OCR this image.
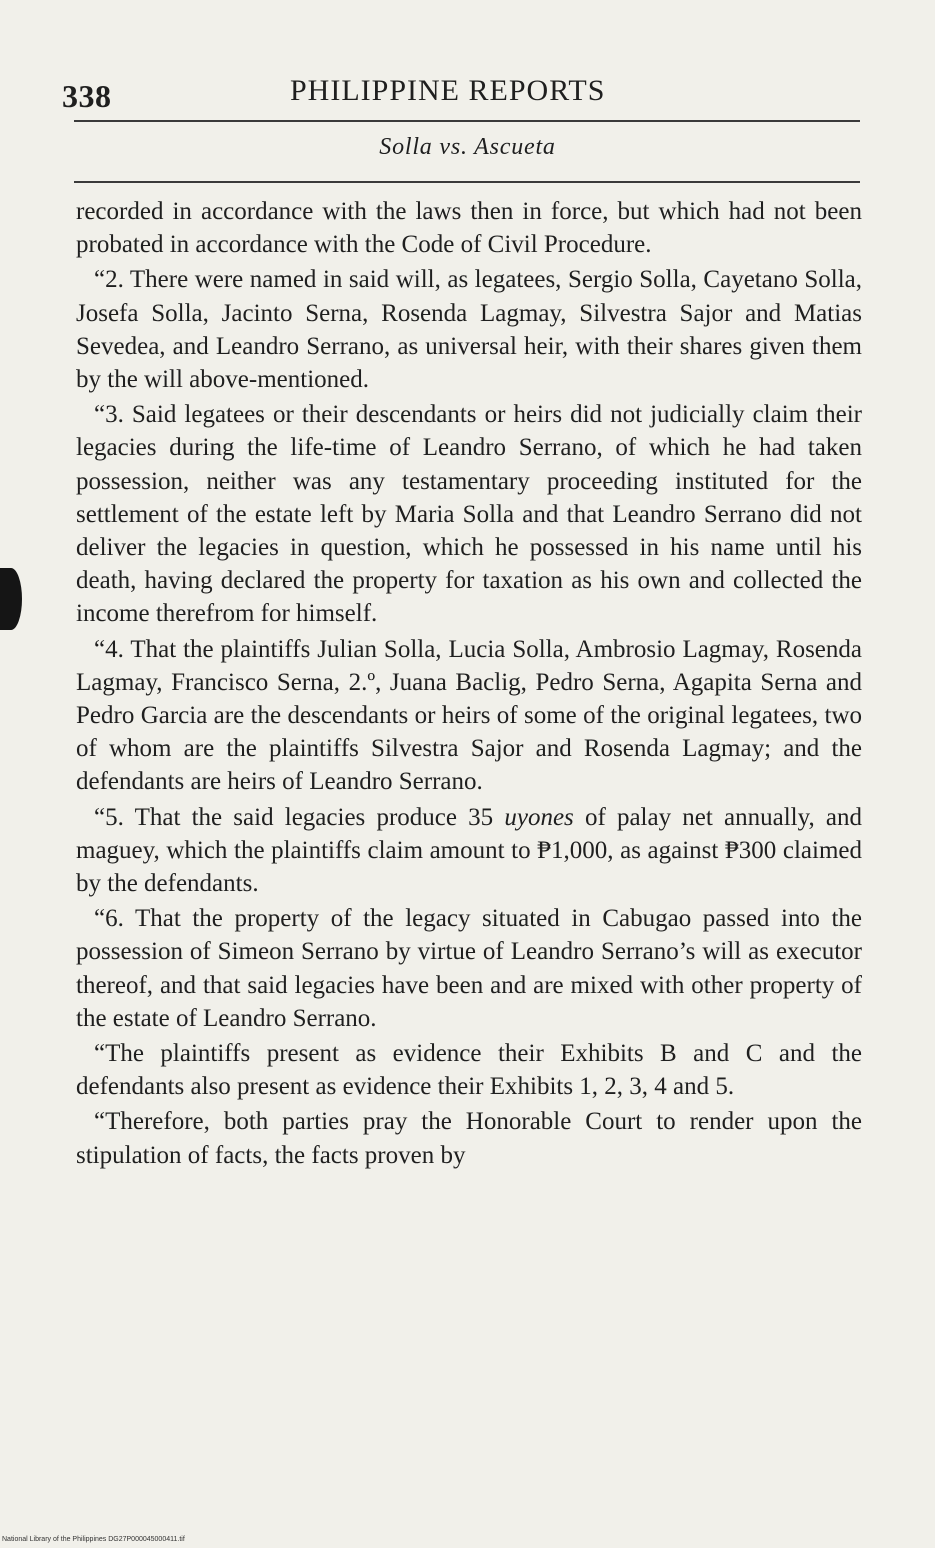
338	PHILIPPINE REPORTS
Solla vs. Ascueta

recorded in accordance with the laws then in force, but which had not been probated in accordance with the Code of Civil Procedure.

“2. There were named in said will, as legatees, Sergio Solla, Cayetano Solla, Josefa Solla, Jacinto Serna, Rosenda Lagmay, Silvestra Sajor and Matias Sevedea, and Leandro Serrano, as universal heir, with their shares given them by the will above-mentioned.

“3. Said legatees or their descendants or heirs did not judicially claim their legacies during the life-time of Leandro Serrano, of which he had taken possession, neither was any testamentary proceeding instituted for the settlement of the estate left by Maria Solla and that Leandro Serrano did not deliver the legacies in question, which he possessed in his name until his death, having declared the property for taxation as his own and collected the income therefrom for himself.

“4. That the plaintiffs Julian Solla, Lucia Solla, Ambrosio Lagmay, Rosenda Lagmay, Francisco Serna, 2.º, Juana Baclig, Pedro Serna, Agapita Serna and Pedro Garcia are the descendants or heirs of some of the original legatees, two of whom are the plaintiffs Silvestra Sajor and Rosenda Lagmay; and the defendants are heirs of Leandro Serrano.

“5. That the said legacies produce 35 uyones of palay net annually, and maguey, which the plaintiffs claim amount to ₱1,000, as against ₱300 claimed by the defendants.

“6. That the property of the legacy situated in Cabugao passed into the possession of Simeon Serrano by virtue of Leandro Serrano’s will as executor thereof, and that said legacies have been and are mixed with other property of the estate of Leandro Serrano.

“The plaintiffs present as evidence their Exhibits B and C and the defendants also present as evidence their Exhibits 1, 2, 3, 4 and 5.

“Therefore, both parties pray the Honorable Court to render upon the stipulation of facts, the facts proven by

National Library of the Philippines DG27P000045000411.tif
